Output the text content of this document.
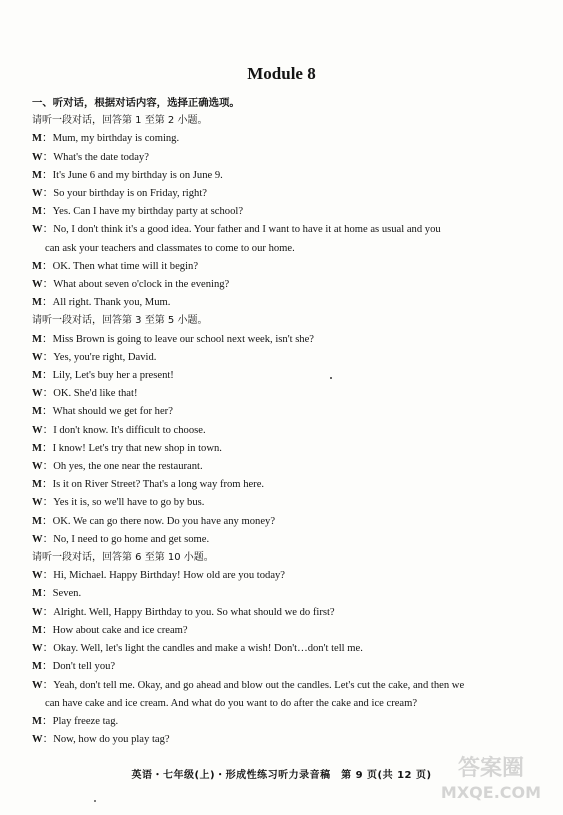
Module 8
一、听对话，根据对话内容，选择正确选项。
请听一段对话，回答第 1 至第 2 小题。
M：Mum, my birthday is coming.
W：What's the date today?
M：It's June 6 and my birthday is on June 9.
W：So your birthday is on Friday, right?
M：Yes. Can I have my birthday party at school?
W：No, I don't think it's a good idea. Your father and I want to have it at home as usual and you
can ask your teachers and classmates to come to our home.
M：OK. Then what time will it begin?
W：What about seven o'clock in the evening?
M：All right. Thank you, Mum.
请听一段对话，回答第 3 至第 5 小题。
M：Miss Brown is going to leave our school next week, isn't she?
W：Yes, you're right, David.
M：Lily, Let's buy her a present!
W：OK. She'd like that!
M：What should we get for her?
W：I don't know. It's difficult to choose.
M：I know! Let's try that new shop in town.
W：Oh yes, the one near the restaurant.
M：Is it on River Street? That's a long way from here.
W：Yes it is, so we'll have to go by bus.
M：OK. We can go there now. Do you have any money?
W：No, I need to go home and get some.
请听一段对话，回答第 6 至第 10 小题。
W：Hi, Michael. Happy Birthday! How old are you today?
M：Seven.
W：Alright. Well, Happy Birthday to you. So what should we do first?
M：How about cake and ice cream?
W：Okay. Well, let's light the candles and make a wish! Don't…don't tell me.
M：Don't tell you?
W：Yeah, don't tell me. Okay, and go ahead and blow out the candles. Let's cut the cake, and then we
can have cake and ice cream. And what do you want to do after the cake and ice cream?
M：Play freeze tag.
W：Now, how do you play tag?
英语・七年级(上)・形成性练习听力录音稿　第 9 页(共 12 页)	答案圈
MXQE.COM
